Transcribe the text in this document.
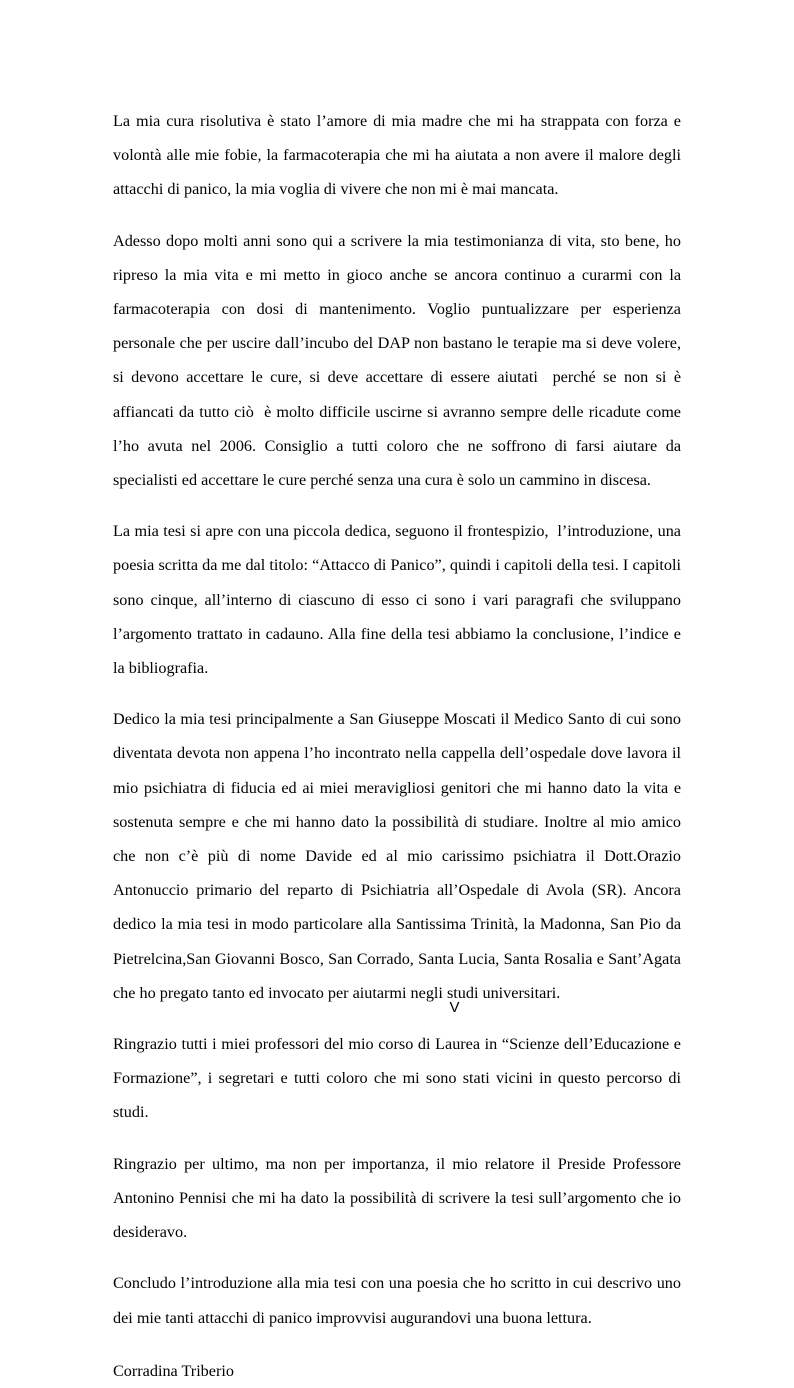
La mia cura risolutiva è stato l’amore di mia madre che mi ha strappata con forza e volontà alle mie fobie, la farmacoterapia che mi ha aiutata a non avere il malore degli attacchi di panico, la mia voglia di vivere che non mi è mai mancata.

Adesso dopo molti anni sono qui a scrivere la mia testimonianza di vita, sto bene, ho ripreso la mia vita e mi metto in gioco anche se ancora continuo a curarmi con la farmacoterapia con dosi di mantenimento. Voglio puntualizzare per esperienza personale che per uscire dall’incubo del DAP non bastano le terapie ma si deve volere, si devono accettare le cure, si deve accettare di essere aiutati  perché se non si è affiancati da tutto ciò  è molto difficile uscirne si avranno sempre delle ricadute come l’ho avuta nel 2006. Consiglio a tutti coloro che ne soffrono di farsi aiutare da specialisti ed accettare le cure perché senza una cura è solo un cammino in discesa.

La mia tesi si apre con una piccola dedica, seguono il frontespizio,  l’introduzione, una poesia scritta da me dal titolo: “Attacco di Panico”, quindi i capitoli della tesi. I capitoli sono cinque, all’interno di ciascuno di esso ci sono i vari paragrafi che sviluppano l’argomento trattato in cadauno. Alla fine della tesi abbiamo la conclusione, l’indice e la bibliografia.

Dedico la mia tesi principalmente a San Giuseppe Moscati il Medico Santo di cui sono diventata devota non appena l’ho incontrato nella cappella dell’ospedale dove lavora il mio psichiatra di fiducia ed ai miei meravigliosi genitori che mi hanno dato la vita e sostenuta sempre e che mi hanno dato la possibilità di studiare. Inoltre al mio amico che non c’è più di nome Davide ed al mio carissimo psichiatra il Dott.Orazio Antonuccio primario del reparto di Psichiatria all’Ospedale di Avola (SR). Ancora dedico la mia tesi in modo particolare alla Santissima Trinità, la Madonna, San Pio da Pietrelcina,San Giovanni Bosco, San Corrado, Santa Lucia, Santa Rosalia e Sant’Agata che ho pregato tanto ed invocato per aiutarmi negli studi universitari.

Ringrazio tutti i miei professori del mio corso di Laurea in “Scienze dell’Educazione e Formazione”, i segretari e tutti coloro che mi sono stati vicini in questo percorso di studi.

Ringrazio per ultimo, ma non per importanza, il mio relatore il Preside Professore Antonino Pennisi che mi ha dato la possibilità di scrivere la tesi sull’argomento che io desideravo.

Concludo l’introduzione alla mia tesi con una poesia che ho scritto in cui descrivo uno dei mie tanti attacchi di panico improvvisi augurandovi una buona lettura.

Corradina Triberio

V
